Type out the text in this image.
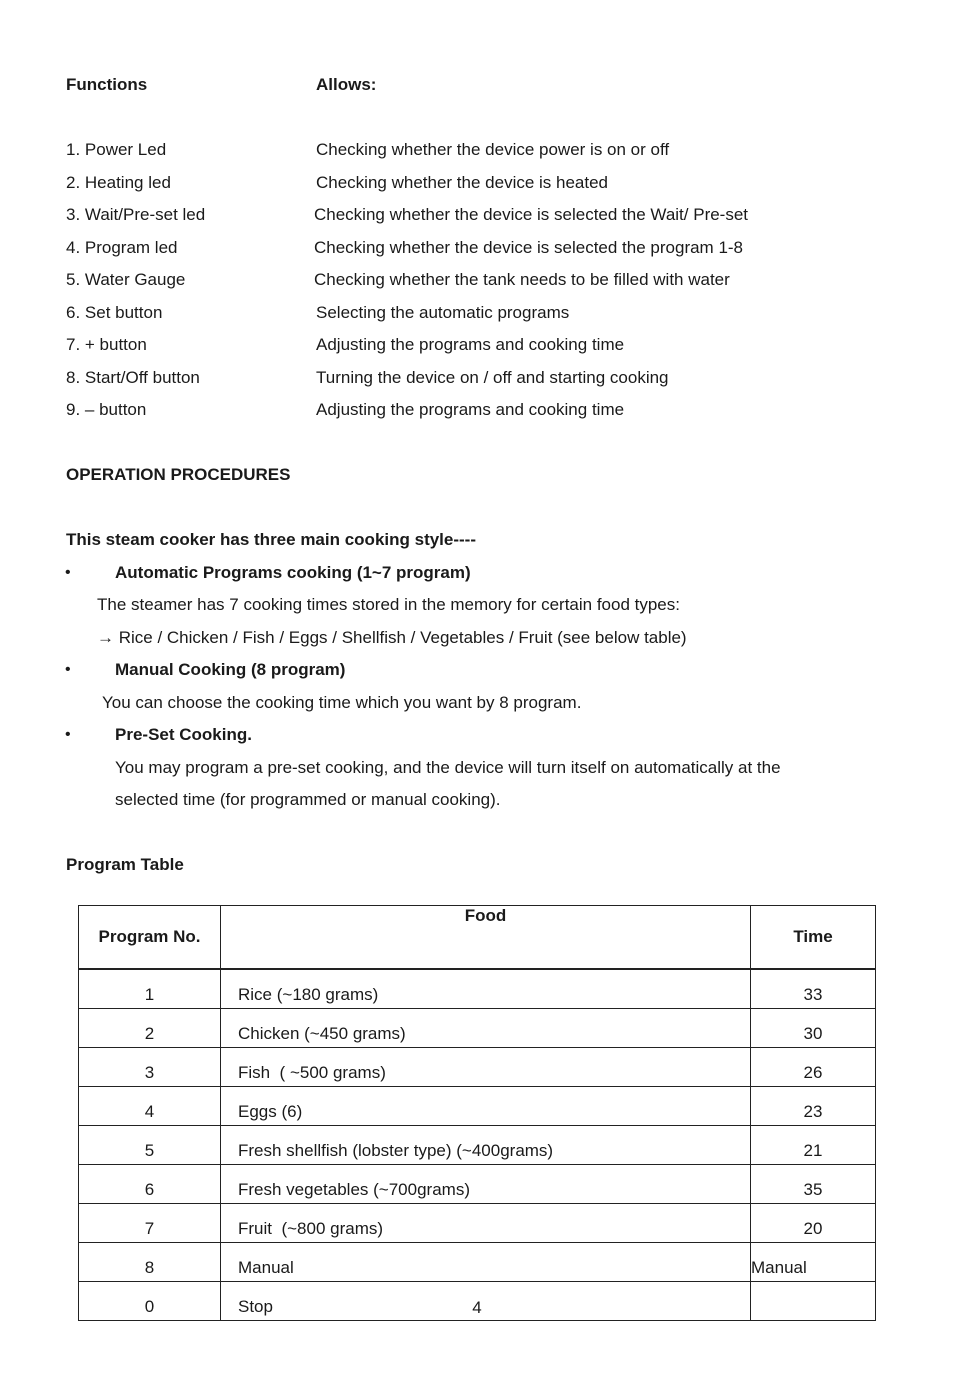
Functions	Allows:
1. Power Led	Checking whether the device power is on or off
2. Heating led	Checking whether the device is heated
3. Wait/Pre-set led	Checking whether the device is selected the Wait/ Pre-set
4. Program led	Checking whether the device is selected the program 1-8
5. Water Gauge	Checking whether the tank needs to be filled with water
6. Set button	Selecting the automatic programs
7. + button	Adjusting the programs and cooking time
8. Start/Off button	Turning the device on / off and starting cooking
9. – button	Adjusting the programs and cooking time
OPERATION PROCEDURES
This steam cooker has three main cooking style----
•	Automatic Programs cooking (1~7 program)
The steamer has 7 cooking times stored in the memory for certain food types:
→ Rice / Chicken / Fish / Eggs / Shellfish / Vegetables / Fruit (see below table)
•	Manual Cooking (8 program)
You can choose the cooking time which you want by 8 program.
•	Pre-Set Cooking.
You may program a pre-set cooking, and the device will turn itself on automatically at the
selected time (for programmed or manual cooking).
Program Table
Program No.	Food	Time
1	Rice (~180 grams)	33
2	Chicken (~450 grams)	30
3	Fish  ( ~500 grams)	26
4	Eggs (6)	23
5	Fresh shellfish (lobster type) (~400grams)	21
6	Fresh vegetables (~700grams)	35
7	Fruit  (~800 grams)	20
8	Manual	Manual
0	Stop		4
